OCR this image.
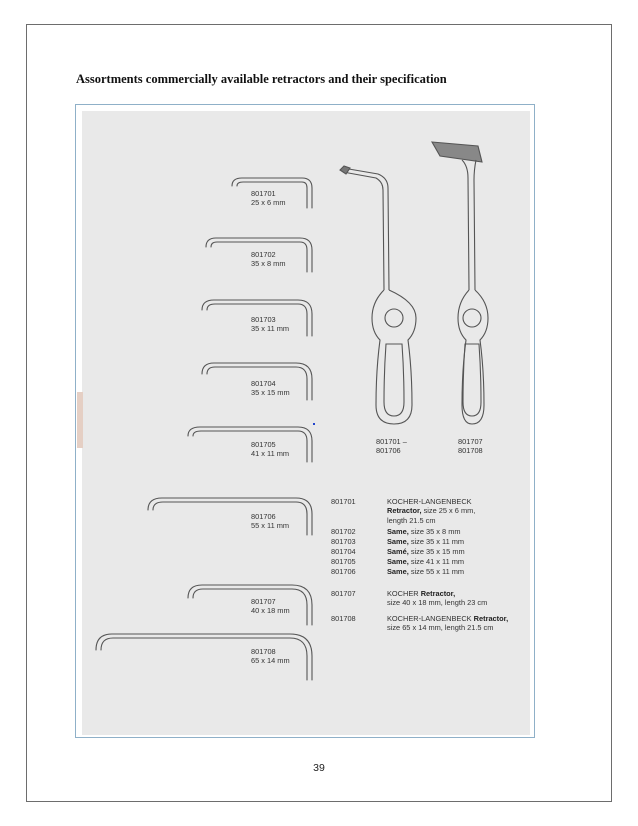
Assortments commercially available retractors and their specification
801701
25 x 6 mm
801702
35 x 8 mm
801703
35 x 11 mm
801704
35 x 15 mm
801705
41 x 11 mm
801706
55 x 11 mm
801707
40 x 18 mm
801708
65 x 14 mm
801701 –
801706
801707
801708
801701	KOCHER-LANGENBECK
Retractor, size 25 x 6 mm,
length 21.5 cm
801702	Same, size 35 x 8 mm
801703	Same, size 35 x 11 mm
801704	Samé, size 35 x 15 mm
801705	Same, size 41 x 11 mm
801706	Same, size 55 x 11 mm
801707	KOCHER Retractor,
size 40 x 18 mm, length 23 cm
801708	KOCHER-LANGENBECK Retractor,
size 65 x 14 mm, length 21.5 cm
39
